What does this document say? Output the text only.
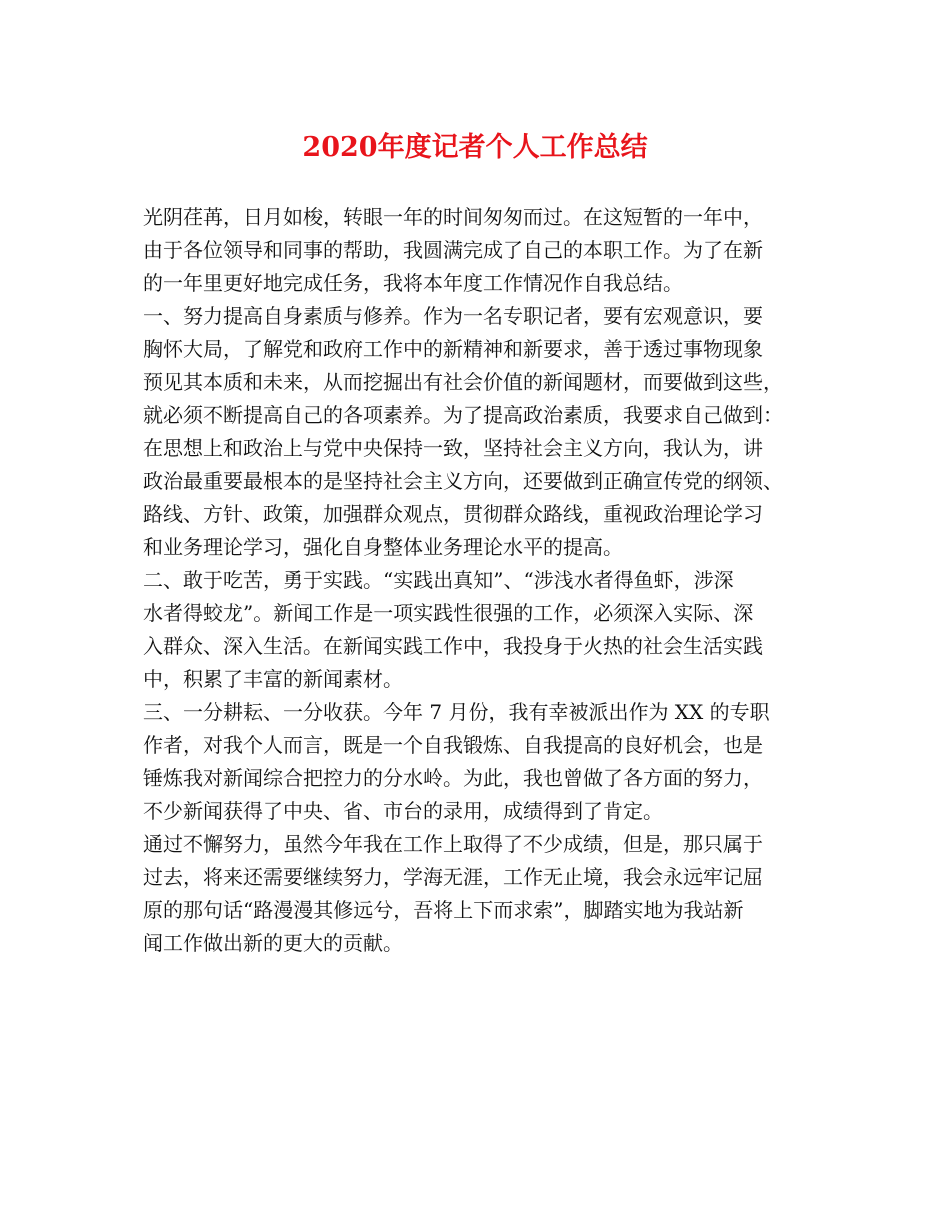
2020年度记者个人工作总结
光阴荏苒，日月如梭，转眼一年的时间匆匆而过。在这短暂的一年中，
由于各位领导和同事的帮助，我圆满完成了自己的本职工作。为了在新
的一年里更好地完成任务，我将本年度工作情况作自我总结。
一、努力提高自身素质与修养。作为一名专职记者，要有宏观意识，要
胸怀大局，了解党和政府工作中的新精神和新要求，善于透过事物现象
预见其本质和未来，从而挖掘出有社会价值的新闻题材，而要做到这些，
就必须不断提高自己的各项素养。为了提高政治素质，我要求自己做到：
在思想上和政治上与党中央保持一致，坚持社会主义方向，我认为，讲
政治最重要最根本的是坚持社会主义方向，还要做到正确宣传党的纲领、
路线、方针、政策，加强群众观点，贯彻群众路线，重视政治理论学习
和业务理论学习，强化自身整体业务理论水平的提高。
二、敢于吃苦，勇于实践。“实践出真知”、“涉浅水者得鱼虾，涉深
水者得蛟龙”。新闻工作是一项实践性很强的工作，必须深入实际、深
入群众、深入生活。在新闻实践工作中，我投身于火热的社会生活实践
中，积累了丰富的新闻素材。
三、一分耕耘、一分收获。今年 7 月份，我有幸被派出作为 XX 的专职
作者，对我个人而言，既是一个自我锻炼、自我提高的良好机会，也是
锤炼我对新闻综合把控力的分水岭。为此，我也曾做了各方面的努力，
不少新闻获得了中央、省、市台的录用，成绩得到了肯定。
通过不懈努力，虽然今年我在工作上取得了不少成绩，但是，那只属于
过去，将来还需要继续努力，学海无涯，工作无止境，我会永远牢记屈
原的那句话“路漫漫其修远兮，吾将上下而求索”，脚踏实地为我站新
闻工作做出新的更大的贡献。
